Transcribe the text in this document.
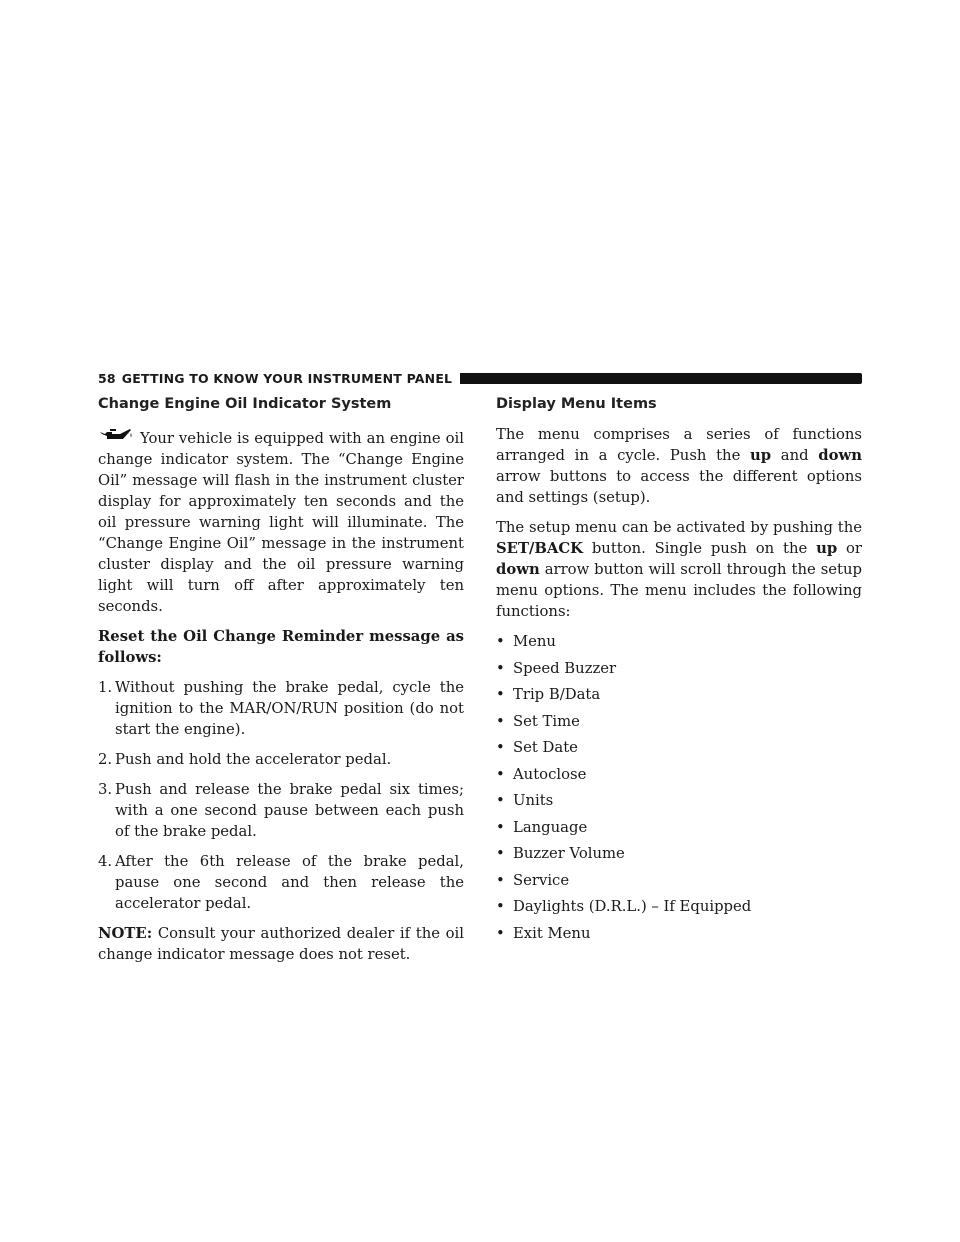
58 GETTING TO KNOW YOUR INSTRUMENT PANEL
Change Engine Oil Indicator System

Your vehicle is equipped with an engine oil change indicator system. The “Change Engine Oil” message will flash in the instrument cluster display for approximately ten seconds and the oil pressure warning light will illuminate. The “Change Engine Oil” message in the instrument cluster display and the oil pressure warning light will turn off after approximately ten seconds.

Reset the Oil Change Reminder message as follows:

1. Without pushing the brake pedal, cycle the ignition to the MAR/ON/RUN position (do not start the engine).
2. Push and hold the accelerator pedal.
3. Push and release the brake pedal six times; with a one second pause between each push of the brake pedal.
4. After the 6th release of the brake pedal, pause one second and then release the accelerator pedal.

NOTE: Consult your authorized dealer if the oil change indicator message does not reset.

Display Menu Items

The menu comprises a series of functions arranged in a cycle. Push the up and down arrow buttons to access the different options and settings (setup).

The setup menu can be activated by pushing the SET/BACK button. Single push on the up or down arrow button will scroll through the setup menu options. The menu includes the following functions:

• Menu
• Speed Buzzer
• Trip B/Data
• Set Time
• Set Date
• Autoclose
• Units
• Language
• Buzzer Volume
• Service
• Daylights (D.R.L.) – If Equipped
• Exit Menu
